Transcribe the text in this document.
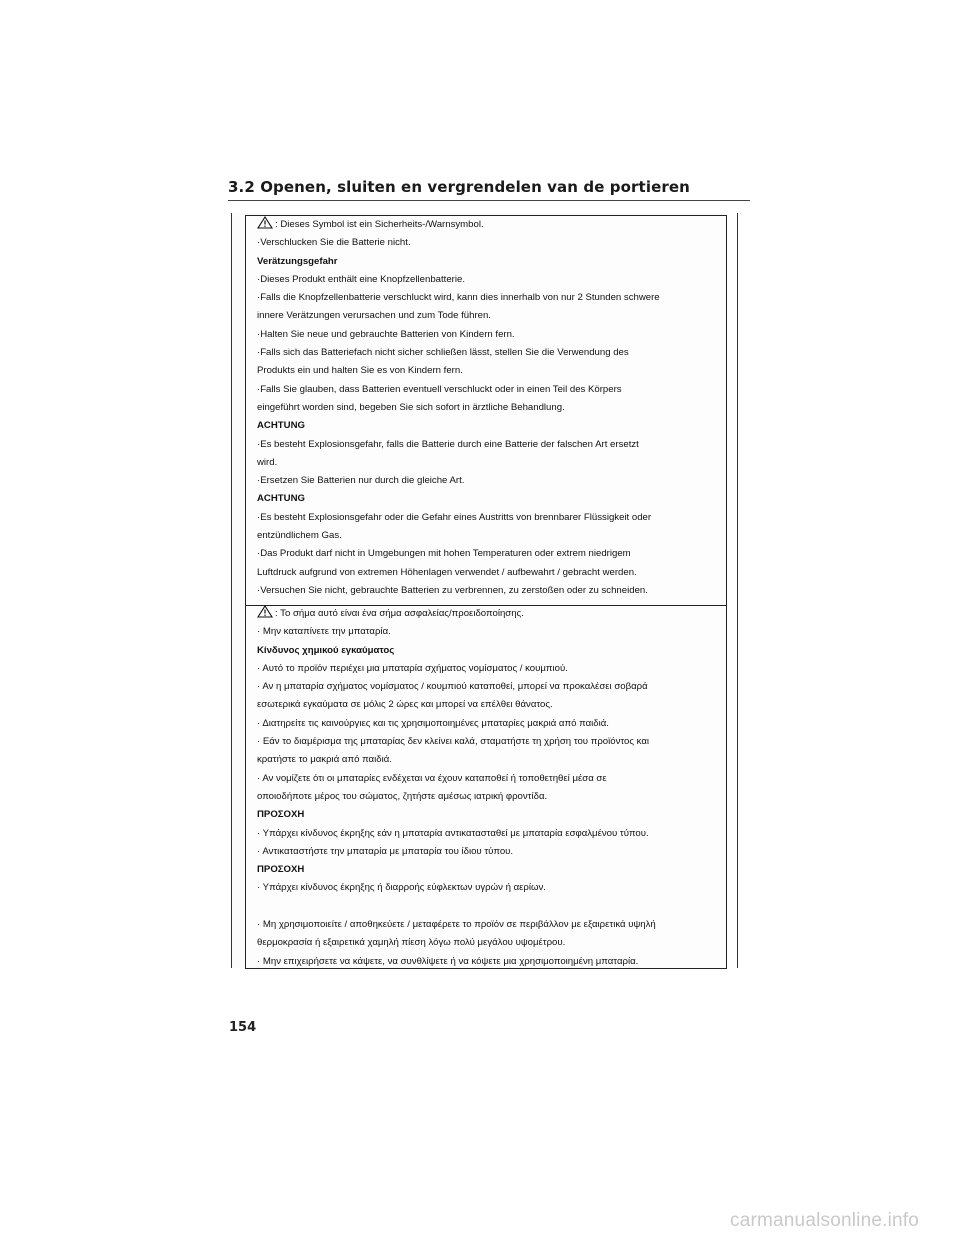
3.2 Openen, sluiten en vergrendelen van de portieren
: Dieses Symbol ist ein Sicherheits-/Warnsymbol.
·Verschlucken Sie die Batterie nicht.
Verätzungsgefahr
·Dieses Produkt enthält eine Knopfzellenbatterie.
·Falls die Knopfzellenbatterie verschluckt wird, kann dies innerhalb von nur 2 Stunden schwere
innere Verätzungen verursachen und zum Tode führen.
·Halten Sie neue und gebrauchte Batterien von Kindern fern.
·Falls sich das Batteriefach nicht sicher schließen lässt, stellen Sie die Verwendung des
Produkts ein und halten Sie es von Kindern fern.
·Falls Sie glauben, dass Batterien eventuell verschluckt oder in einen Teil des Körpers
eingeführt worden sind, begeben Sie sich sofort in ärztliche Behandlung.
ACHTUNG
·Es besteht Explosionsgefahr, falls die Batterie durch eine Batterie der falschen Art ersetzt
wird.
·Ersetzen Sie Batterien nur durch die gleiche Art.
ACHTUNG
·Es besteht Explosionsgefahr oder die Gefahr eines Austritts von brennbarer Flüssigkeit oder
entzündlichem Gas.
·Das Produkt darf nicht in Umgebungen mit hohen Temperaturen oder extrem niedrigem
Luftdruck aufgrund von extremen Höhenlagen verwendet / aufbewahrt / gebracht werden.
·Versuchen Sie nicht, gebrauchte Batterien zu verbrennen, zu zerstoßen oder zu schneiden.
: Το σήμα αυτό είναι ένα σήμα ασφαλείας/προειδοποίησης.
· Μην καταπίνετε την μπαταρία.
Κίνδυνος χημικού εγκαύματος
· Αυτό το προϊόν περιέχει μια μπαταρία σχήματος νομίσματος / κουμπιού.
· Αν η μπαταρία σχήματος νομίσματος / κουμπιού καταποθεί, μπορεί να προκαλέσει σοβαρά
εσωτερικά εγκαύματα σε μόλις 2 ώρες και μπορεί να επέλθει θάνατος.
· Διατηρείτε τις καινούργιες και τις χρησιμοποιημένες μπαταρίες μακριά από παιδιά.
· Εάν το διαμέρισμα της μπαταρίας δεν κλείνει καλά, σταματήστε τη χρήση του προϊόντος και
κρατήστε το μακριά από παιδιά.
· Αν νομίζετε ότι οι μπαταρίες ενδέχεται να έχουν καταποθεί ή τοποθετηθεί μέσα σε
οποιοδήποτε μέρος του σώματος, ζητήστε αμέσως ιατρική φροντίδα.
ΠΡΟΣΟΧΗ
· Υπάρχει κίνδυνος έκρηξης εάν η μπαταρία αντικατασταθεί με μπαταρία εσφαλμένου τύπου.
· Αντικαταστήστε την μπαταρία με μπαταρία του ίδιου τύπου.
ΠΡΟΣΟΧΗ
· Υπάρχει κίνδυνος έκρηξης ή διαρροής εύφλεκτων υγρών ή αερίων.

· Μη χρησιμοποιείτε / αποθηκεύετε / μεταφέρετε το προϊόν σε περιβάλλον με εξαιρετικά υψηλή
θερμοκρασία ή εξαιρετικά χαμηλή πίεση λόγω πολύ μεγάλου υψομέτρου.
· Μην επιχειρήσετε να κάψετε, να συνθλίψετε ή να κόψετε μια χρησιμοποιημένη μπαταρία.
154
carmanualsonline.info
